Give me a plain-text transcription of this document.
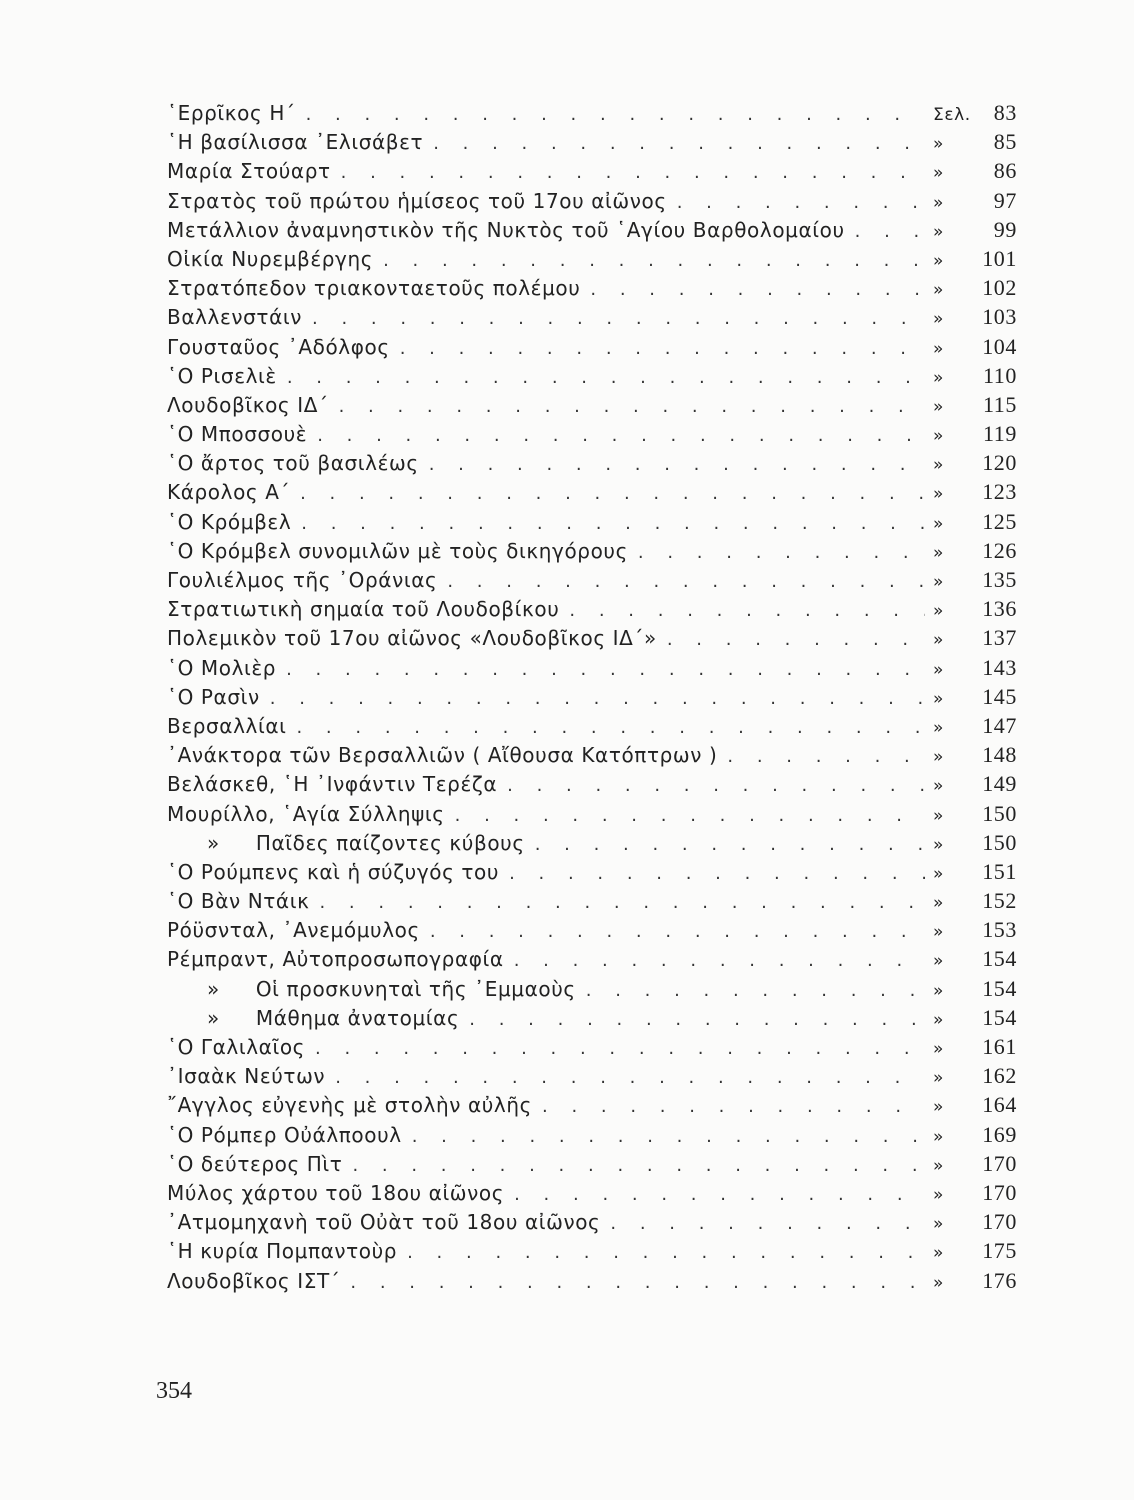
῾Ερρῖκος Η΄ . . .	Σελ.	83
῾Η βασίλισσα ᾿Ελισάβετ . . .	»	85
Μαρία Στούαρτ . . .	»	86
Στρατὸς τοῦ πρώτου ἡμίσεος τοῦ 17ου αἰῶνος . . .	»	97
Μετάλλιον ἀναμνηστικὸν τῆς Νυκτὸς τοῦ ῾Αγίου Βαρθολομαίου . . .	»	99
Οἰκία Νυρεμβέργης . . .	»	101
Στρατόπεδον τριακονταετοῦς πολέμου . . .	»	102
Βαλλενστάιν . . .	»	103
Γουσταῦος ᾿Αδόλφος . . .	»	104
῾Ο Ρισελιὲ . . .	»	110
Λουδοβῖκος ΙΔ΄ . . .	»	115
῾Ο Μποσσουὲ . . .	»	119
῾Ο ἄρτος τοῦ βασιλέως . . .	»	120
Κάρολος Α΄ . . .	»	123
῾Ο Κρόμβελ . . .	»	125
῾Ο Κρόμβελ συνομιλῶν μὲ τοὺς δικηγόρους . . .	»	126
Γουλιέλμος τῆς ᾿Οράνιας . . .	»	135
Στρατιωτικὴ σημαία τοῦ Λουδοβίκου . . .	»	136
Πολεμικὸν τοῦ 17ου αἰῶνος «Λουδοβῖκος ΙΔ΄» . . .	»	137
῾Ο Μολιὲρ . . .	»	143
῾Ο Ρασὶν . . .	»	145
Βερσαλλίαι . . .	»	147
᾿Ανάκτορα τῶν Βερσαλλιῶν ( Αἴθουσα Κατόπτρων ) . . .	»	148
Βελάσκεθ, ῾Η ᾿Ινφάντιν Τερέζα . . .	»	149
Μουρίλλο, ῾Αγία Σύλληψις . . .	»	150
»	Παῖδες παίζοντες κύβους . . .	»	150
῾Ο Ρούμπενς καὶ ἡ σύζυγός του . . .	»	151
῾Ο Βὰν Ντάικ . . .	»	152
Ρόϋσνταλ, ᾿Ανεμόμυλος . . .	»	153
Ρέμπραντ, Αὐτοπροσωπογραφία . . .	»	154
»	Οἱ προσκυνηταὶ τῆς ᾿Εμμαοὺς . . .	»	154
»	Μάθημα ἀνατομίας . . .	»	154
῾Ο Γαλιλαῖος . . .	»	161
᾿Ισαὰκ Νεύτων . . .	»	162
῎Αγγλος εὐγενὴς μὲ στολὴν αὐλῆς . . .	»	164
῾Ο Ρόμπερ Οὐάλποουλ . . .	»	169
῾Ο δεύτερος Πὶτ . . .	»	170
Μύλος χάρτου τοῦ 18ου αἰῶνος . . .	»	170
᾿Ατμομηχανὴ τοῦ Οὐὰτ τοῦ 18ου αἰῶνος . . .	»	170
῾Η κυρία Πομπαντοὺρ . . .	»	175
Λουδοβῖκος ΙΣΤ΄ . . .	»	176
354
